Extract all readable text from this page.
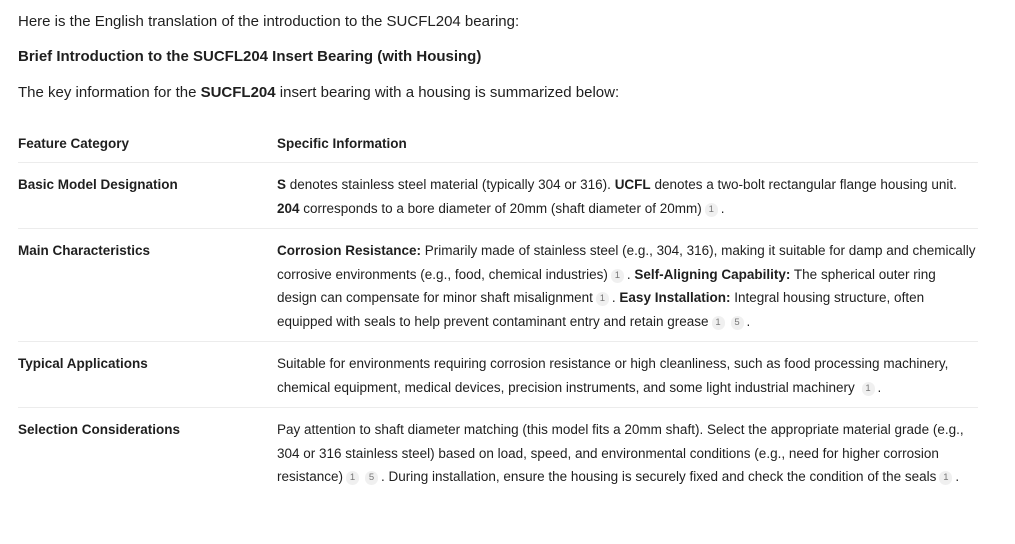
Here is the English translation of the introduction to the SUCFL204 bearing:

Brief Introduction to the SUCFL204 Insert Bearing (with Housing)

The key information for the SUCFL204 insert bearing with a housing is summarized below:

Feature Category	Specific Information
Basic Model Designation	S denotes stainless steel material (typically 304 or 316). UCFL denotes a two-bolt rectangular flange housing unit. 204 corresponds to a bore diameter of 20mm (shaft diameter of 20mm) 1 .
Main Characteristics	Corrosion Resistance: Primarily made of stainless steel (e.g., 304, 316), making it suitable for damp and chemically corrosive environments (e.g., food, chemical industries) 1 . Self-Aligning Capability: The spherical outer ring design can compensate for minor shaft misalignment 1 . Easy Installation: Integral housing structure, often equipped with seals to help prevent contaminant entry and retain grease 1 5 .
Typical Applications	Suitable for environments requiring corrosion resistance or high cleanliness, such as food processing machinery, chemical equipment, medical devices, precision instruments, and some light industrial machinery 1 .
Selection Considerations	Pay attention to shaft diameter matching (this model fits a 20mm shaft). Select the appropriate material grade (e.g., 304 or 316 stainless steel) based on load, speed, and environmental conditions (e.g., need for higher corrosion resistance) 1 5 . During installation, ensure the housing is securely fixed and check the condition of the seals 1 .
